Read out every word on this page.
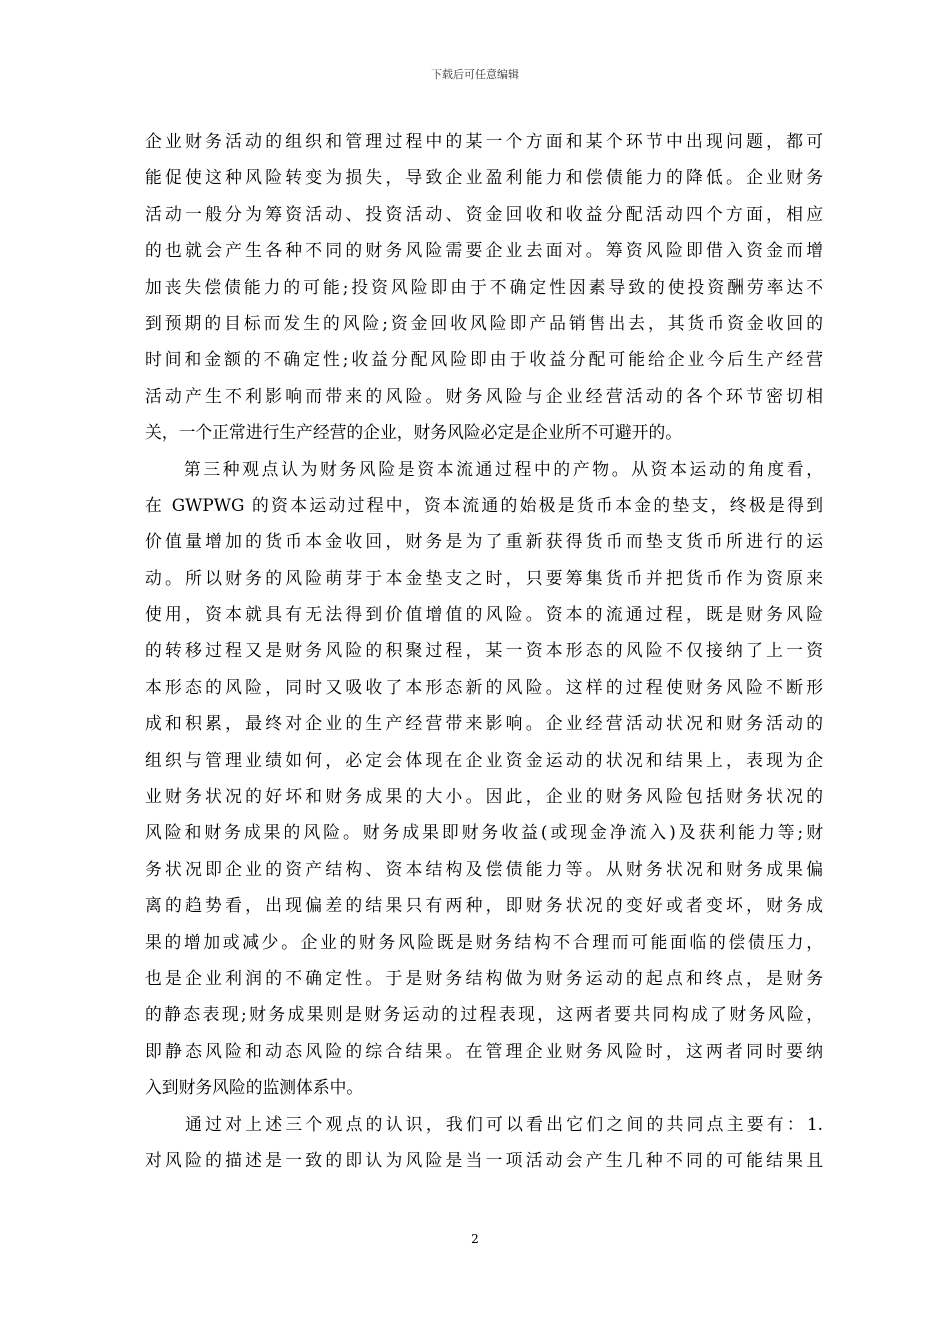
下载后可任意编辑
企业财务活动的组织和管理过程中的某一个方面和某个环节中出现问题，都可
能促使这种风险转变为损失，导致企业盈利能力和偿债能力的降低。企业财务
活动一般分为筹资活动、投资活动、资金回收和收益分配活动四个方面，相应
的也就会产生各种不同的财务风险需要企业去面对。筹资风险即借入资金而增
加丧失偿债能力的可能;投资风险即由于不确定性因素导致的使投资酬劳率达不
到预期的目标而发生的风险;资金回收风险即产品销售出去，其货币资金收回的
时间和金额的不确定性;收益分配风险即由于收益分配可能给企业今后生产经营
活动产生不利影响而带来的风险。财务风险与企业经营活动的各个环节密切相
关，一个正常进行生产经营的企业，财务风险必定是企业所不可避开的。
　　第三种观点认为财务风险是资本流通过程中的产物。从资本运动的角度看，
在 GWPWG 的资本运动过程中，资本流通的始极是货币本金的垫支，终极是得到
价值量增加的货币本金收回，财务是为了重新获得货币而垫支货币所进行的运
动。所以财务的风险萌芽于本金垫支之时，只要筹集货币并把货币作为资原来
使用，资本就具有无法得到价值增值的风险。资本的流通过程，既是财务风险
的转移过程又是财务风险的积聚过程，某一资本形态的风险不仅接纳了上一资
本形态的风险，同时又吸收了本形态新的风险。这样的过程使财务风险不断形
成和积累，最终对企业的生产经营带来影响。企业经营活动状况和财务活动的
组织与管理业绩如何，必定会体现在企业资金运动的状况和结果上，表现为企
业财务状况的好坏和财务成果的大小。因此，企业的财务风险包括财务状况的
风险和财务成果的风险。财务成果即财务收益(或现金净流入)及获利能力等;财
务状况即企业的资产结构、资本结构及偿债能力等。从财务状况和财务成果偏
离的趋势看，出现偏差的结果只有两种，即财务状况的变好或者变坏，财务成
果的增加或减少。企业的财务风险既是财务结构不合理而可能面临的偿债压力，
也是企业利润的不确定性。于是财务结构做为财务运动的起点和终点，是财务
的静态表现;财务成果则是财务运动的过程表现，这两者要共同构成了财务风险，
即静态风险和动态风险的综合结果。在管理企业财务风险时，这两者同时要纳
入到财务风险的监测体系中。
　　通过对上述三个观点的认识，我们可以看出它们之间的共同点主要有：1.
对风险的描述是一致的即认为风险是当一项活动会产生几种不同的可能结果且
2
